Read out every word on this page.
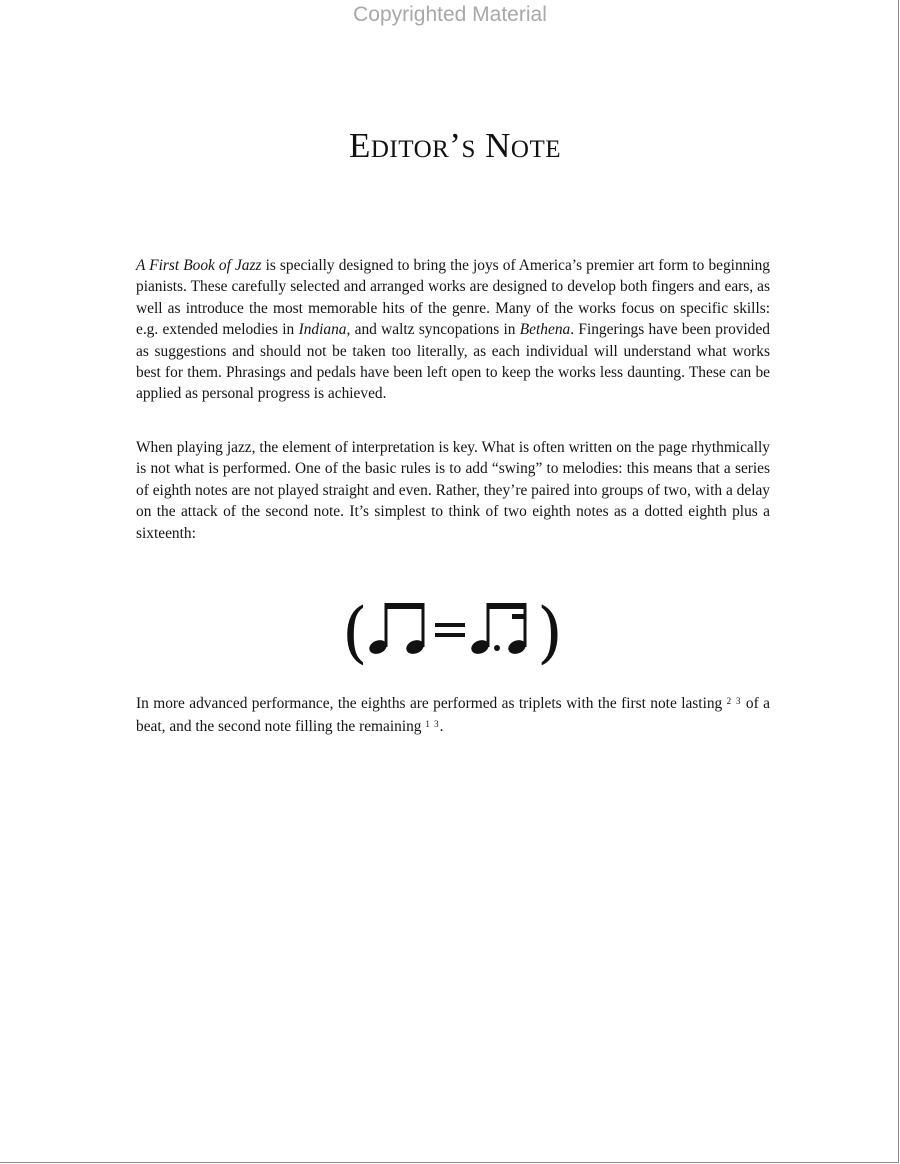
Copyrighted Material
Editor’s Note

A First Book of Jazz is specially designed to bring the joys of America’s premier art form to beginning pianists. These carefully selected and arranged works are designed to develop both fingers and ears, as well as introduce the most memorable hits of the genre. Many of the works focus on specific skills: e.g. extended melodies in Indiana, and waltz syncopations in Bethena. Fingerings have been provided as suggestions and should not be taken too literally, as each individual will understand what works best for them. Phrasings and pedals have been left open to keep the works less daunting. These can be applied as personal progress is achieved.

When playing jazz, the element of interpretation is key. What is often written on the page rhythmically is not what is performed. One of the basic rules is to add “swing” to melodies: this means that a series of eighth notes are not played straight and even. Rather, they’re paired into groups of two, with a delay on the attack of the second note. It’s simplest to think of two eighth notes as a dotted eighth plus a sixteenth:

(	)

In more advanced performance, the eighths are performed as triplets with the first note lasting $^{2 3}$ of a beat, and the second note filling the remaining $^{1 3}$.
